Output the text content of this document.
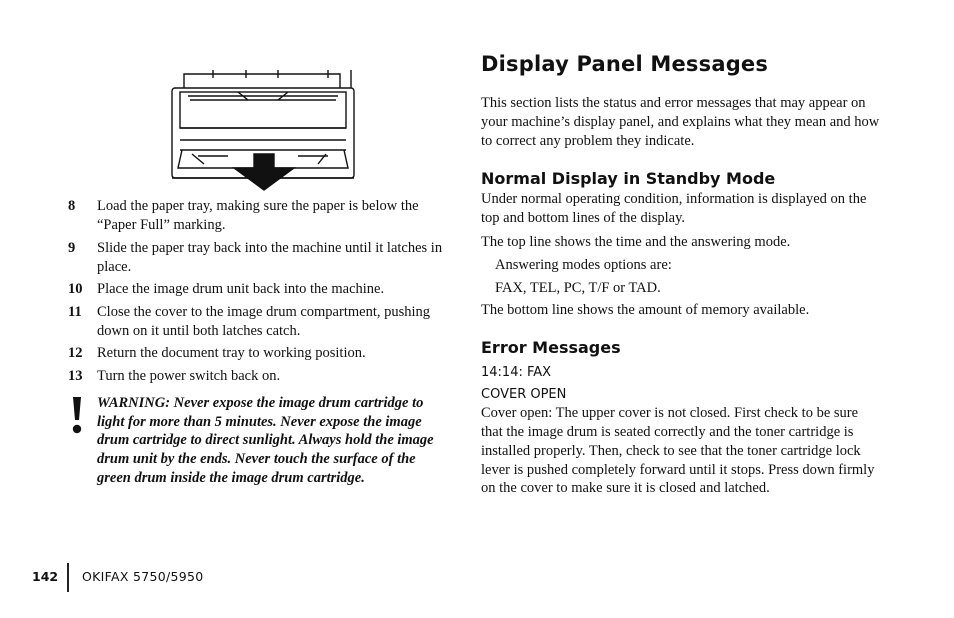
8	Load the paper tray, making sure the paper is below the “Paper Full” marking.
9	Slide the paper tray back into the machine until it latches in place.
10	Place the image drum unit back into the machine.
11	Close the cover to the image drum compartment, pushing down on it until both latches catch.
12	Return the document tray to working position.
13	Turn the power switch back on.
WARNING: Never expose the image drum cartridge to light for more than 5 minutes. Never expose the image drum cartridge to direct sunlight. Always hold the image drum unit by the ends. Never touch the surface of the green drum inside the image drum cartridge.
Display Panel Messages

This section lists the status and error messages that may appear on your machine’s display panel, and explains what they mean and how to correct any problem they indicate.

Normal Display in Standby Mode

Under normal operating condition, information is displayed on the top and bottom lines of the display.

The top line shows the time and the answering mode.

Answering modes options are:

FAX, TEL, PC, T/F or TAD.

The bottom line shows the amount of memory available.

Error Messages

14:14: FAX

COVER OPEN

Cover open: The upper cover is not closed. First check to be sure that the image drum is seated correctly and the toner cartridge is installed properly. Then, check to see that the toner cartridge lock lever is pushed completely forward until it stops. Press down firmly on the cover to make sure it is closed and latched.

142 OKIFAX 5750/5950
